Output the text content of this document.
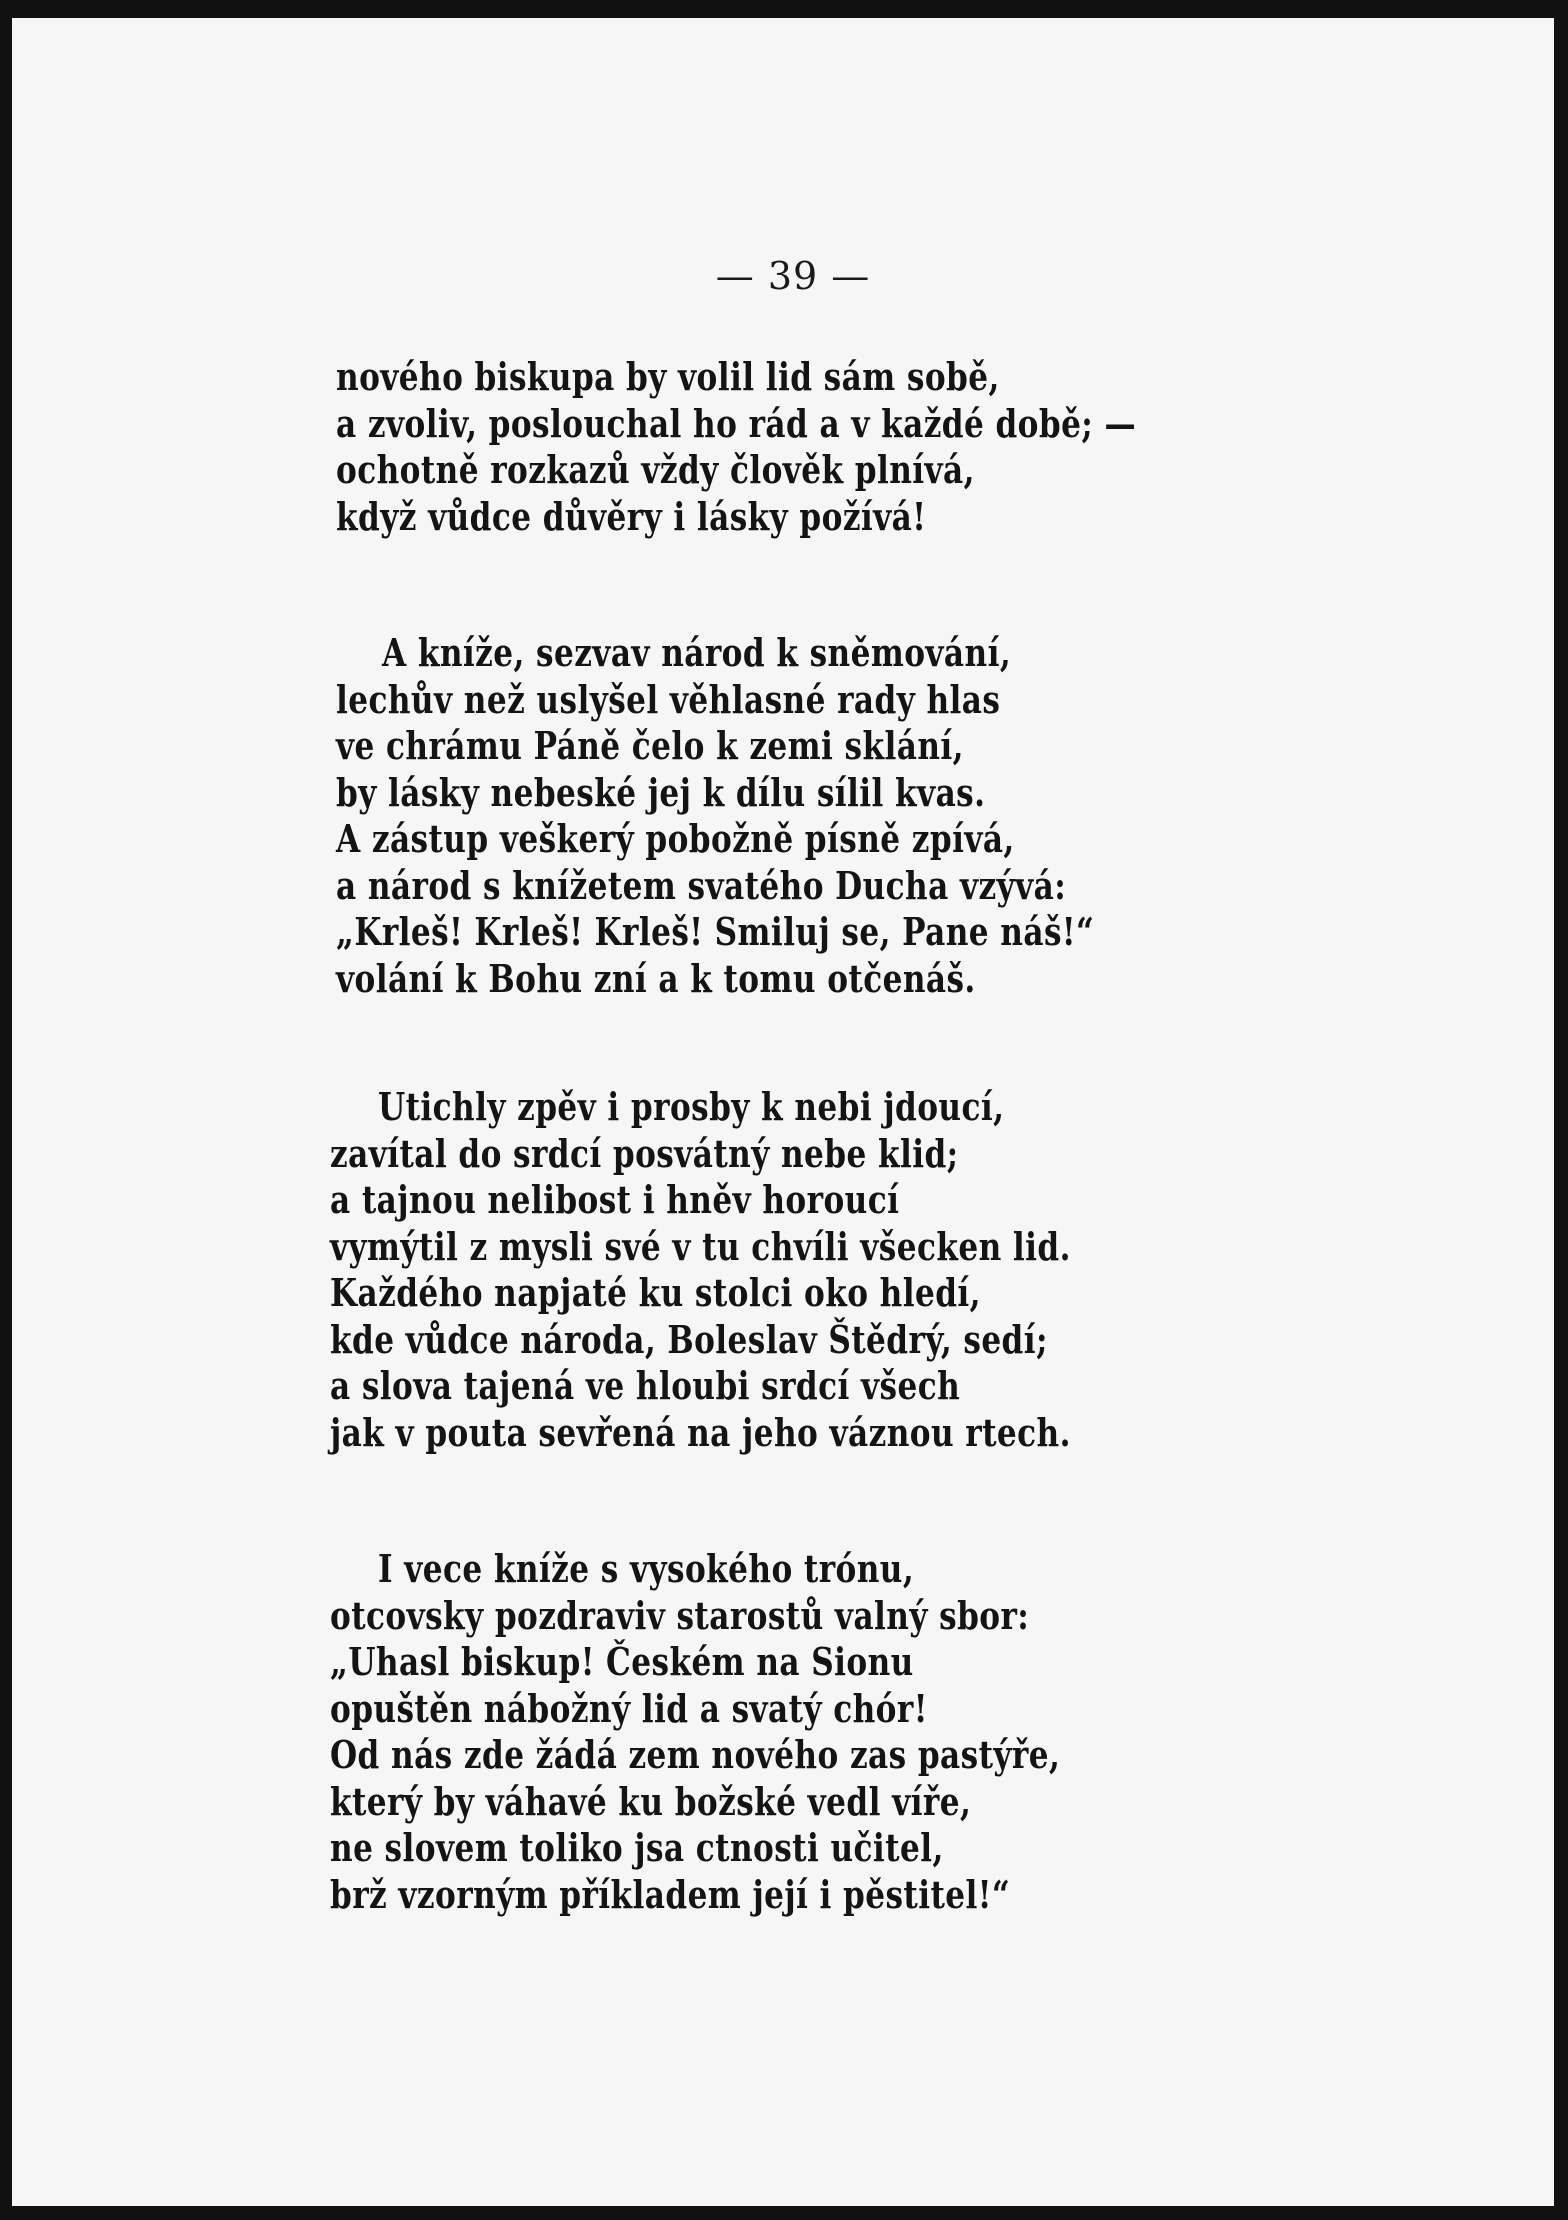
— 39 —
nového biskupa by volil lid sám sobě,
a zvoliv, poslouchal ho rád a v každé době; —
ochotně rozkazů vždy člověk plnívá,
když vůdce důvěry i lásky požívá!
A kníže, sezvav národ k sněmování,
lechův než uslyšel věhlasné rady hlas
ve chrámu Páně čelo k zemi sklání,
by lásky nebeské jej k dílu sílil kvas.
A zástup veškerý pobožně písně zpívá,
a národ s knížetem svatého Ducha vzývá:
„Krleš! Krleš! Krleš! Smiluj se, Pane náš!“
volání k Bohu zní a k tomu otčenáš.
Utichly zpěv i prosby k nebi jdoucí,
zavítal do srdcí posvátný nebe klid;
a tajnou nelibost i hněv horoucí
vymýtil z mysli své v tu chvíli všecken lid.
Každého napjaté ku stolci oko hledí,
kde vůdce národa, Boleslav Štědrý, sedí;
a slova tajená ve hloubi srdcí všech
jak v pouta sevřená na jeho váznou rtech.
I vece kníže s vysokého trónu,
otcovsky pozdraviv starostů valný sbor:
„Uhasl biskup! Českém na Sionu
opuštěn nábožný lid a svatý chór!
Od nás zde žádá zem nového zas pastýře,
který by váhavé ku božské vedl víře,
ne slovem toliko jsa ctnosti učitel,
brž vzorným příkladem její i pěstitel!“
